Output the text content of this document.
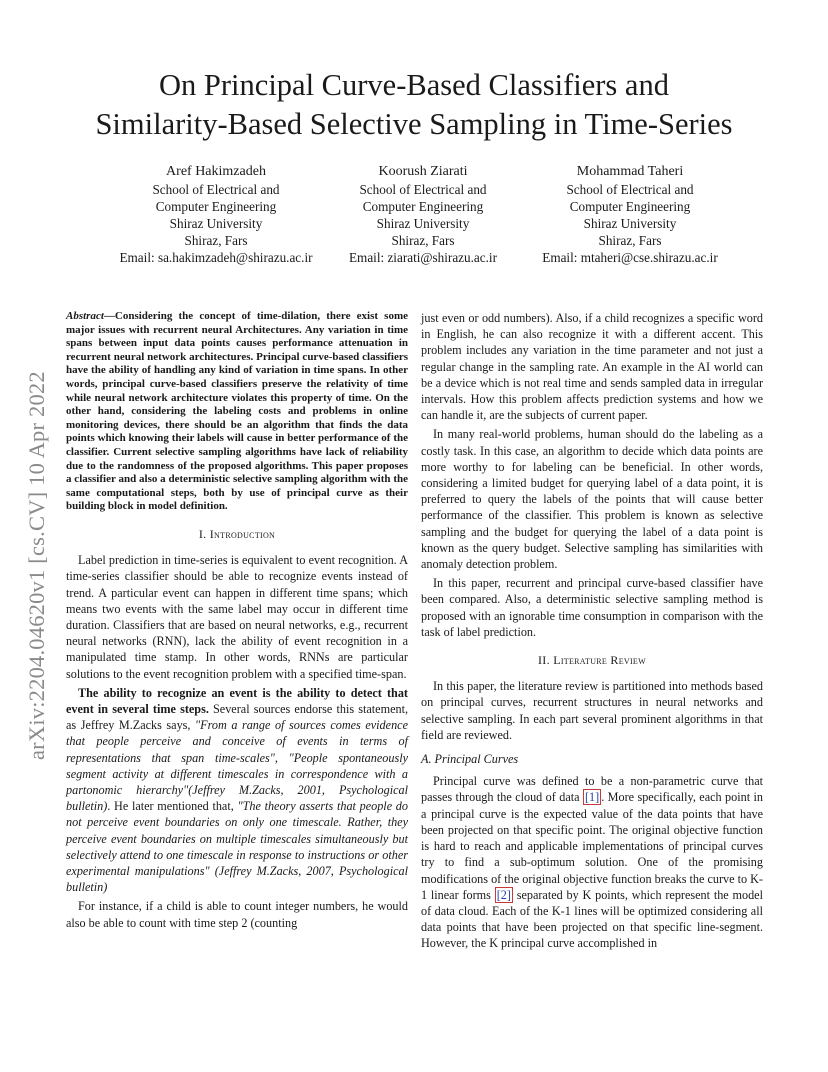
On Principal Curve-Based Classifiers and
Similarity-Based Selective Sampling in Time-Series
Aref Hakimzadeh
School of Electrical and
Computer Engineering
Shiraz University
Shiraz, Fars
Email: sa.hakimzadeh@shirazu.ac.ir
Koorush Ziarati
School of Electrical and
Computer Engineering
Shiraz University
Shiraz, Fars
Email: ziarati@shirazu.ac.ir
Mohammad Taheri
School of Electrical and
Computer Engineering
Shiraz University
Shiraz, Fars
Email: mtaheri@cse.shirazu.ac.ir
arXiv:2204.04620v1 [cs.CV] 10 Apr 2022

Abstract—Considering the concept of time-dilation, there exist some major issues with recurrent neural Architectures. Any variation in time spans between input data points causes performance attenuation in recurrent neural network architectures. Principal curve-based classifiers have the ability of handling any kind of variation in time spans. In other words, principal curve-based classifiers preserve the relativity of time while neural network architecture violates this property of time. On the other hand, considering the labeling costs and problems in online monitoring devices, there should be an algorithm that finds the data points which knowing their labels will cause in better performance of the classifier. Current selective sampling algorithms have lack of reliability due to the randomness of the proposed algorithms. This paper proposes a classifier and also a deterministic selective sampling algorithm with the same computational steps, both by use of principal curve as their building block in model definition.

I. Introduction

Label prediction in time-series is equivalent to event recognition. A time-series classifier should be able to recognize events instead of trend. A particular event can happen in different time spans; which means two events with the same label may occur in different time duration. Classifiers that are based on neural networks, e.g., recurrent neural networks (RNN), lack the ability of event recognition in a manipulated time stamp. In other words, RNNs are particular solutions to the event recognition problem with a specified time-span.

The ability to recognize an event is the ability to detect that event in several time steps. Several sources endorse this statement, as Jeffrey M.Zacks says, "From a range of sources comes evidence that people perceive and conceive of events in terms of representations that span time-scales", "People spontaneously segment activity at different timescales in correspondence with a partonomic hierarchy"(Jeffrey M.Zacks, 2001, Psychological bulletin). He later mentioned that, "The theory asserts that people do not perceive event boundaries on only one timescale. Rather, they perceive event boundaries on multiple timescales simultaneously but selectively attend to one timescale in response to instructions or other experimental manipulations" (Jeffrey M.Zacks, 2007, Psychological bulletin)

For instance, if a child is able to count integer numbers, he would also be able to count with time step 2 (counting

just even or odd numbers). Also, if a child recognizes a specific word in English, he can also recognize it with a different accent. This problem includes any variation in the time parameter and not just a regular change in the sampling rate. An example in the AI world can be a device which is not real time and sends sampled data in irregular intervals. How this problem affects prediction systems and how we can handle it, are the subjects of current paper.

In many real-world problems, human should do the labeling as a costly task. In this case, an algorithm to decide which data points are more worthy to for labeling can be beneficial. In other words, considering a limited budget for querying label of a data point, it is preferred to query the labels of the points that will cause better performance of the classifier. This problem is known as selective sampling and the budget for querying the label of a data point is known as the query budget. Selective sampling has similarities with anomaly detection problem.

In this paper, recurrent and principal curve-based classifier have been compared. Also, a deterministic selective sampling method is proposed with an ignorable time consumption in comparison with the task of label prediction.

II. Literature Review

In this paper, the literature review is partitioned into methods based on principal curves, recurrent structures in neural networks and selective sampling. In each part several prominent algorithms in that field are reviewed.

A. Principal Curves

Principal curve was defined to be a non-parametric curve that passes through the cloud of data [1] . More specifically, each point in a principal curve is the expected value of the data points that have been projected on that specific point. The original objective function is hard to reach and applicable implementations of principal curves try to find a sub-optimum solution. One of the promising modifications of the original objective function breaks the curve to K-1 linear forms [2] separated by K points, which represent the model of data cloud. Each of the K-1 lines will be optimized considering all data points that have been projected on that specific line-segment. However, the K principal curve accomplished in
